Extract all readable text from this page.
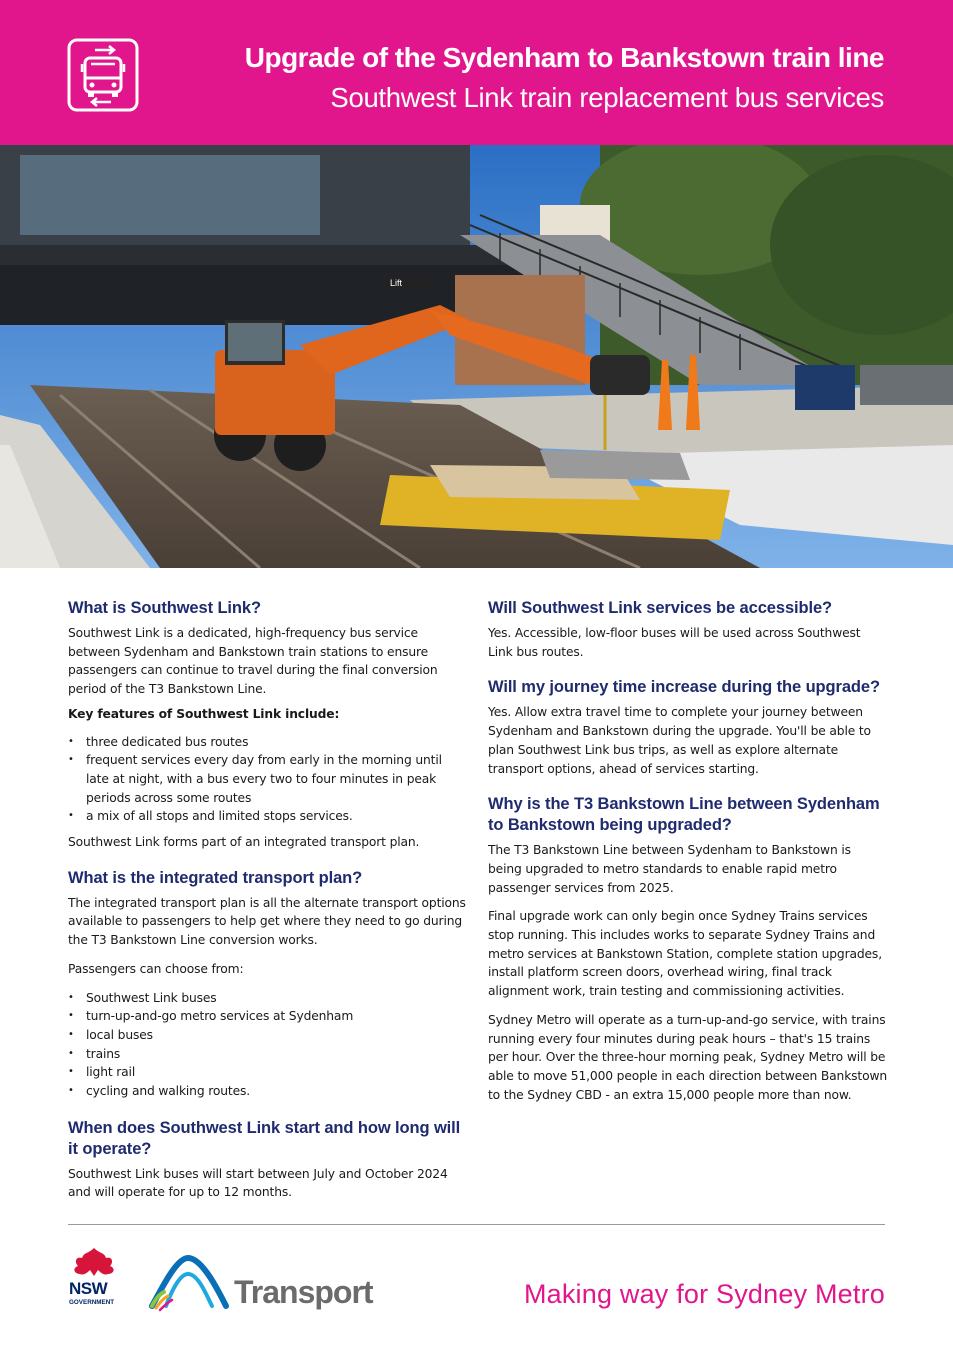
Upgrade of the Sydenham to Bankstown train line
Southwest Link train replacement bus services
Lift
What is Southwest Link?

Southwest Link is a dedicated, high-frequency bus service between Sydenham and Bankstown train stations to ensure passengers can continue to travel during the final conversion period of the T3 Bankstown Line.

Key features of Southwest Link include:

• three dedicated bus routes
• frequent services every day from early in the morning until late at night, with a bus every two to four minutes in peak periods across some routes
• a mix of all stops and limited stops services.

Southwest Link forms part of an integrated transport plan.

What is the integrated transport plan?

The integrated transport plan is all the alternate transport options available to passengers to help get where they need to go during the T3 Bankstown Line conversion works.

Passengers can choose from:

• Southwest Link buses
• turn-up-and-go metro services at Sydenham
• local buses
• trains
• light rail
• cycling and walking routes.
When does Southwest Link start and how long will it operate?

Southwest Link buses will start between July and October 2024 and will operate for up to 12 months.

Will Southwest Link services be accessible?

Yes. Accessible, low-floor buses will be used across Southwest Link bus routes.

Will my journey time increase during the upgrade?

Yes. Allow extra travel time to complete your journey between Sydenham and Bankstown during the upgrade. You'll be able to plan Southwest Link bus trips, as well as explore alternate transport options, ahead of services starting.

Why is the T3 Bankstown Line between Sydenham to Bankstown being upgraded?

The T3 Bankstown Line between Sydenham to Bankstown is being upgraded to metro standards to enable rapid metro passenger services from 2025.

Final upgrade work can only begin once Sydney Trains services stop running. This includes works to separate Sydney Trains and metro services at Bankstown Station, complete station upgrades, install platform screen doors, overhead wiring, final track alignment work, train testing and commissioning activities.

Sydney Metro will operate as a turn-up-and-go service, with trains running every four minutes during peak hours – that's 15 trains per hour. Over the three-hour morning peak, Sydney Metro will be able to move 51,000 people in each direction between Bankstown to the Sydney CBD - an extra 15,000 people more than now.

NSW
GOVERNMENT	Transport	Making way for Sydney Metro
